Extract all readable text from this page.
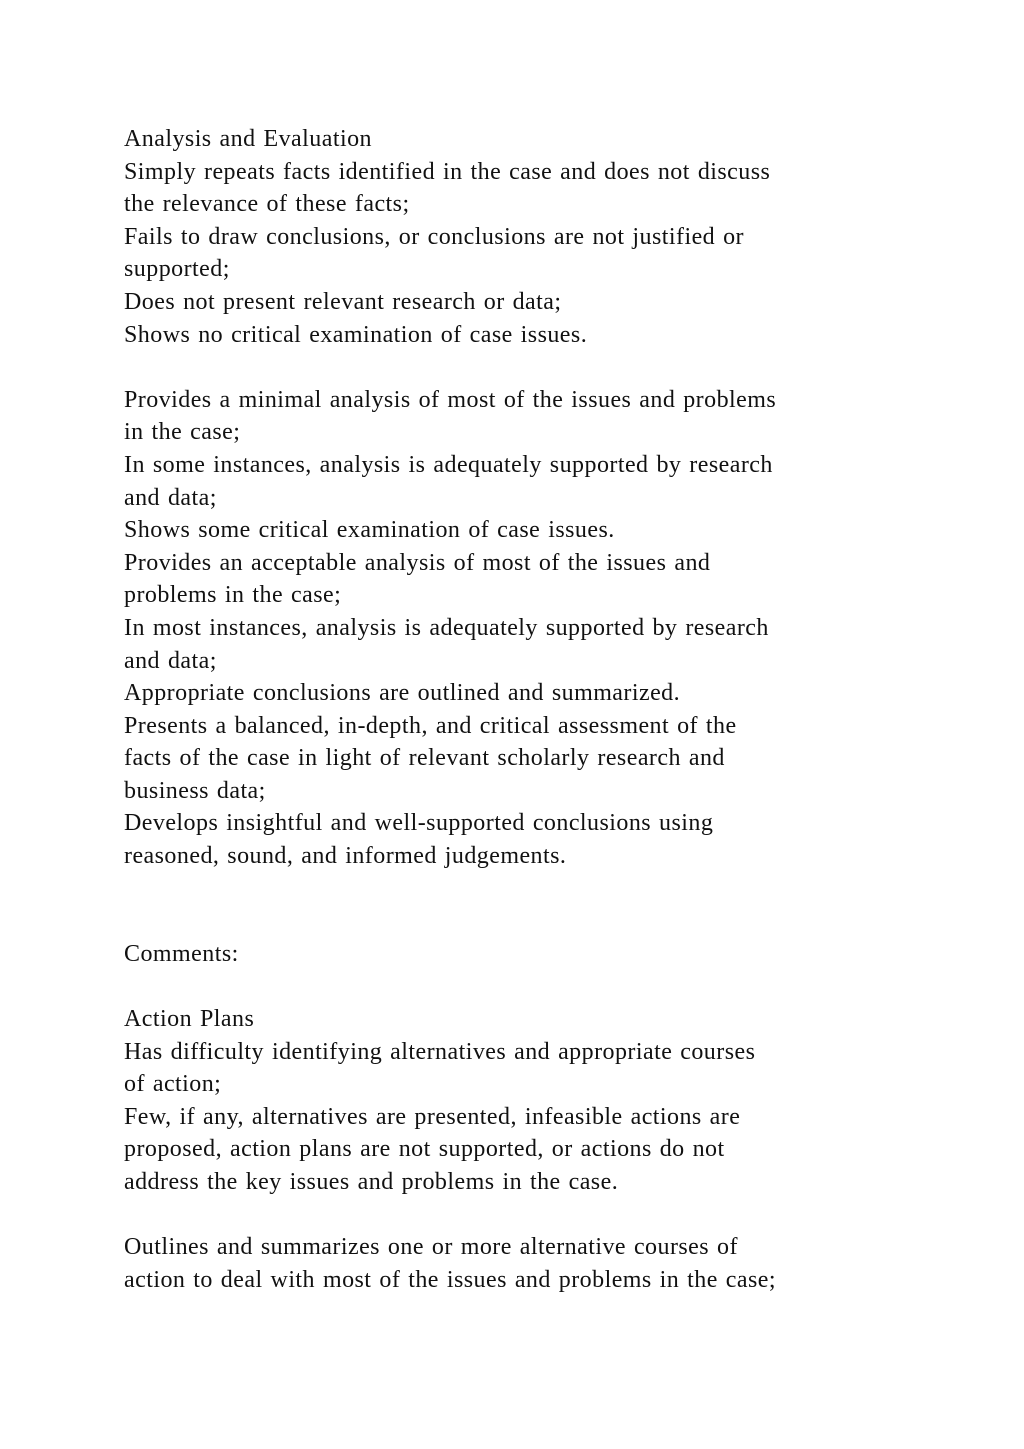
Analysis and Evaluation
Simply repeats facts identified in the case and does not discuss
the relevance of these facts;
Fails to draw conclusions, or conclusions are not justified or
supported;
Does not present relevant research or data;
Shows no critical examination of case issues.
Provides a minimal analysis of most of the issues and problems
in the case;
In some instances, analysis is adequately supported by research
and data;
Shows some critical examination of case issues.
Provides an acceptable analysis of most of the issues and
problems in the case;
In most instances, analysis is adequately supported by research
and data;
Appropriate conclusions are outlined and summarized.
Presents a balanced, in-depth, and critical assessment of the
facts of the case in light of relevant scholarly research and
business data;
Develops insightful and well-supported conclusions using
reasoned, sound, and informed judgements.
Comments:
Action Plans
Has difficulty identifying alternatives and appropriate courses
of action;
Few, if any, alternatives are presented, infeasible actions are
proposed, action plans are not supported, or actions do not
address the key issues and problems in the case.
Outlines and summarizes one or more alternative courses of
action to deal with most of the issues and problems in the case;
